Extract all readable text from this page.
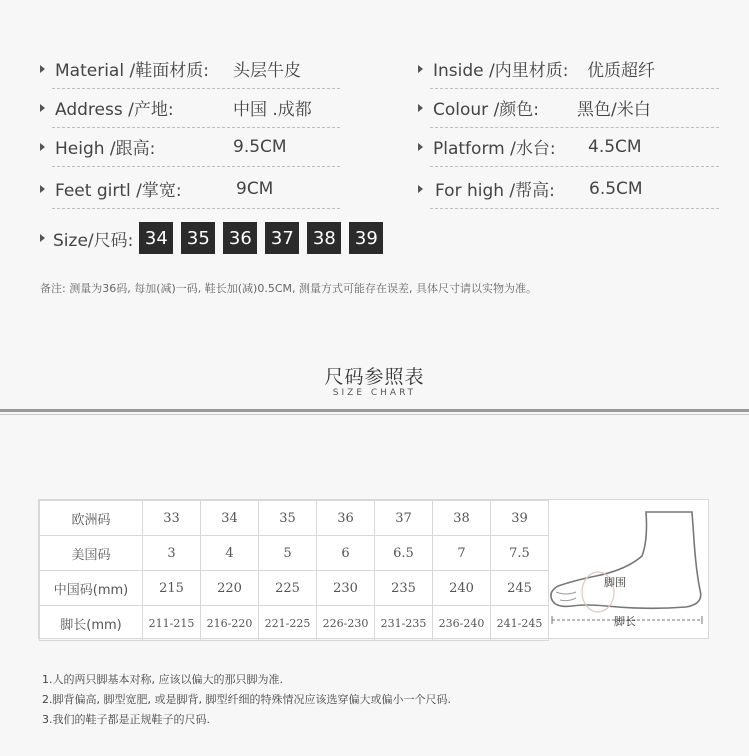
Material /鞋面材质: 头层牛皮
Address /产地:	中国 .成都
Heigh /跟高:	9.5CM
Feet girtl /掌宽:	9CM
Inside /内里材质: 优质超纤
Colour /颜色: 黑色/米白
Platform /水台: 4.5CM
For high /帮高: 6.5CM
Size/尺码: 34	35	36	37	38	39
备注: 测量为36码, 每加(减)一码, 鞋长加(减)0.5CM, 测量方式可能存在误差, 具体尺寸请以实物为准。
尺码参照表
SIZE CHART
欧洲码	33	34	35	36	37	38	39
美国码	3	4	5	6	6.5	7	7.5
中国码(mm)	215	220	225	230	235	240	245
脚长(mm)	211-215	216-220	221-225	226-230	231-235	236-240	241-245
脚围
脚长
1.人的两只脚基本对称, 应该以偏大的那只脚为准.
2.脚背偏高, 脚型宽肥, 或是脚背, 脚型纤细的特殊情况应该选穿偏大或偏小一个尺码.
3.我们的鞋子都是正规鞋子的尺码.
